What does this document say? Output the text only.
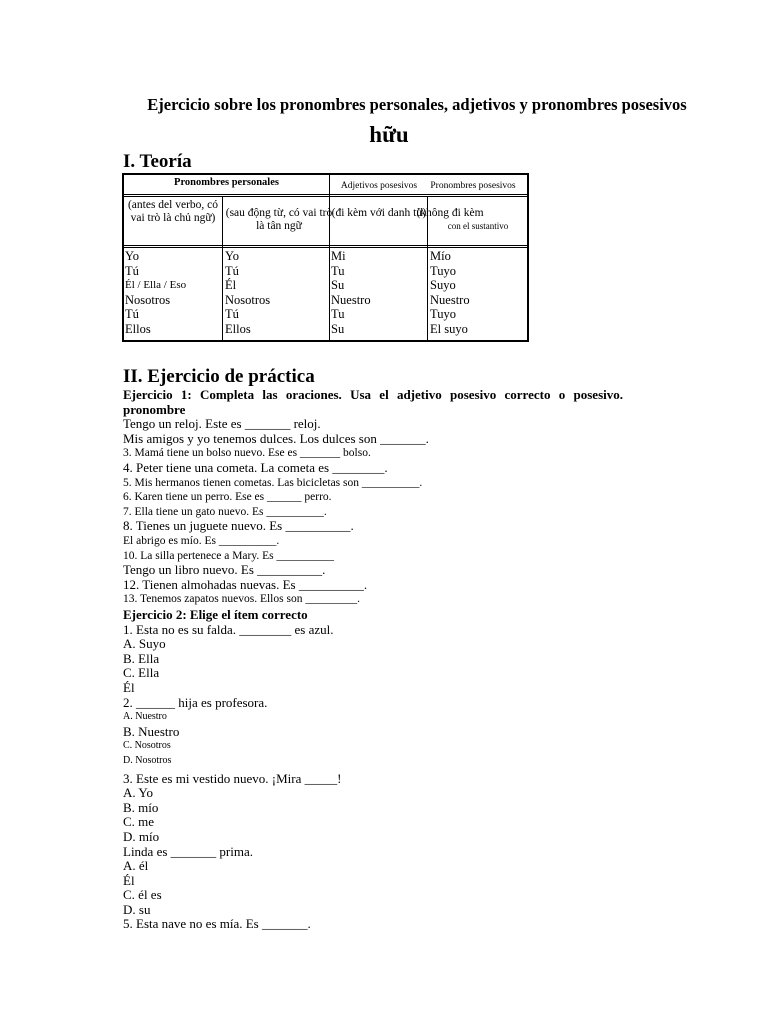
Ejercicio sobre los pronombres personales, adjetivos y pronombres posesivos
hữu
I. Teoría
Pronombres personales	Adjetivos posesivos	Pronombres posesivos
(antes del verbo, có vai trò là chủ ngữ) (sau động từ, có vai trò là tân ngữ
(đi kèm với danh từ)
(không đi kèm
con el sustantivo
Yo
Tú
Él / Ella / Eso
Nosotros
Tú
Ellos
Yo
Tú
Él
Nosotros
Tú
Ellos
Mi
Tu
Su
Nuestro
Tu
Su
Mío
Tuyo
Suyo
Nuestro
Tuyo
El suyo
II. Ejercicio de práctica
Ejercicio 1: Completa las oraciones. Usa el adjetivo posesivo correcto o posesivo.
pronombre
Tengo un reloj. Este es _______ reloj.
Mis amigos y yo tenemos dulces. Los dulces son _______.
3. Mamá tiene un bolso nuevo. Ese es _______ bolso.
4. Peter tiene una cometa. La cometa es ________.
5. Mis hermanos tienen cometas. Las bicicletas son __________.
6. Karen tiene un perro. Ese es ______ perro.
7. Ella tiene un gato nuevo. Es __________.
8. Tienes un juguete nuevo. Es __________.
El abrigo es mío. Es __________.
10. La silla pertenece a Mary. Es __________
Tengo un libro nuevo. Es __________.
12. Tienen almohadas nuevas. Es __________.
13. Tenemos zapatos nuevos. Ellos son _________.
Ejercicio 2: Elige el ítem correcto
1. Esta no es su falda. ________ es azul.
A. Suyo
B. Ella
C. Ella
Él
2. ______ hija es profesora.
A. Nuestro
B. Nuestro
C. Nosotros
D. Nosotros
3. Este es mi vestido nuevo. ¡Mira _____!
A. Yo
B. mío
C. me
D. mío
Linda es _______ prima.
A. él
Él
C. él es
D. su
5. Esta nave no es mía. Es _______.
